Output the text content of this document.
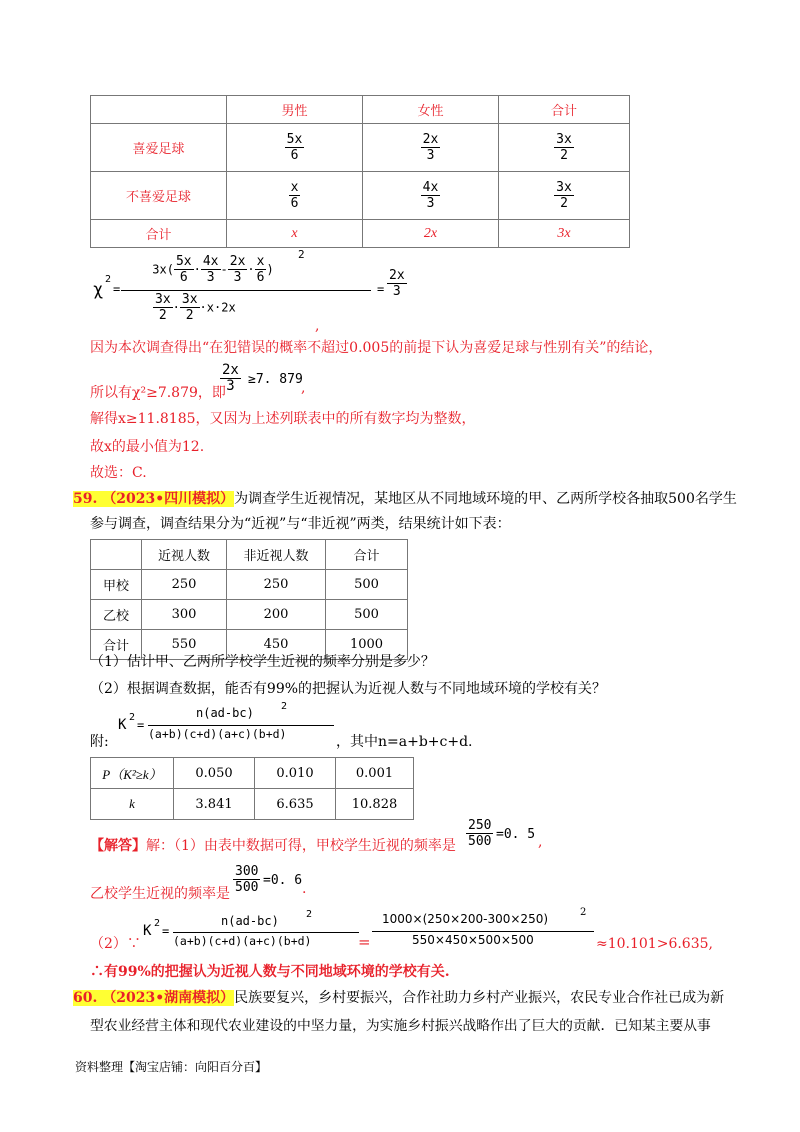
	男性	女性	合计
喜爱足球	$\frac{5x}{6}$	$\frac{2x}{3}$	$\frac{3x}{2}$

不喜爱足球	$\frac{x}{6}$	$\frac{4x}{3}$	$\frac{3x}{2}$

合计	x	2x	3x
χ
2
=
$3x( \frac{5x}{6} \cdot \frac{4x}{3} - \frac{2x}{3} \cdot \frac{x}{6}$ )
2
$\frac{3x}{2} \cdot \frac{3x}{2} \cdot x\cdot 2x$
= $\frac{2x}{3}$
,
因为本次调查得出“在犯错误的概率不超过0.005的前提下认为喜爱足球与性别有关”的结论，
所以有χ²≥7.879，即
$\frac{2x}{3} \ge 7$. 879
,
解得x≥11.8185，又因为上述列联表中的所有数字均为整数，
故x的最小值为12.
故选：C.
59. （2023•四川模拟）为调查学生近视情况，某地区从不同地域环境的甲、乙两所学校各抽取500名学生
参与调查，调查结果分为“近视”与“非近视”两类，结果统计如下表：
	近视人数	非近视人数	合计
甲校	250	250	500
乙校	300	200	500
合计	550	450	1000
（1）估计甲、乙两所学校学生近视的频率分别是多少？
（2）根据调查数据，能否有99%的把握认为近视人数与不同地域环境的学校有关？
附:
K 2
=
n(ad-bc)	2
(a+b)(c+d)(a+c)(b+d)	，其中n=a+b+c+d.
P（K²≥k）	0.050	0.010	0.001
k	3.841	6.635	10.828
【解答】解：（1）由表中数据可得，甲校学生近视的频率是 $\frac{250}{500} =0$. 5 ,
乙校学生近视的频率是 $\frac{300}{500} =0$. 6
.
（2）∵
K 2
=
n(ad-bc)	2
(a+b)(c+d)(a+c)(b+d)	=
1000×(250×200-300×250)	2
550×450×500×500	≈10.101>6.635,
∴有99%的把握认为近视人数与不同地域环境的学校有关.
60. （2023•湖南模拟）民族要复兴，乡村要振兴，合作社助力乡村产业振兴，农民专业合作社已成为新
型农业经营主体和现代农业建设的中坚力量，为实施乡村振兴战略作出了巨大的贡献．已知某主要从事
资料整理【淘宝店铺：向阳百分百】
